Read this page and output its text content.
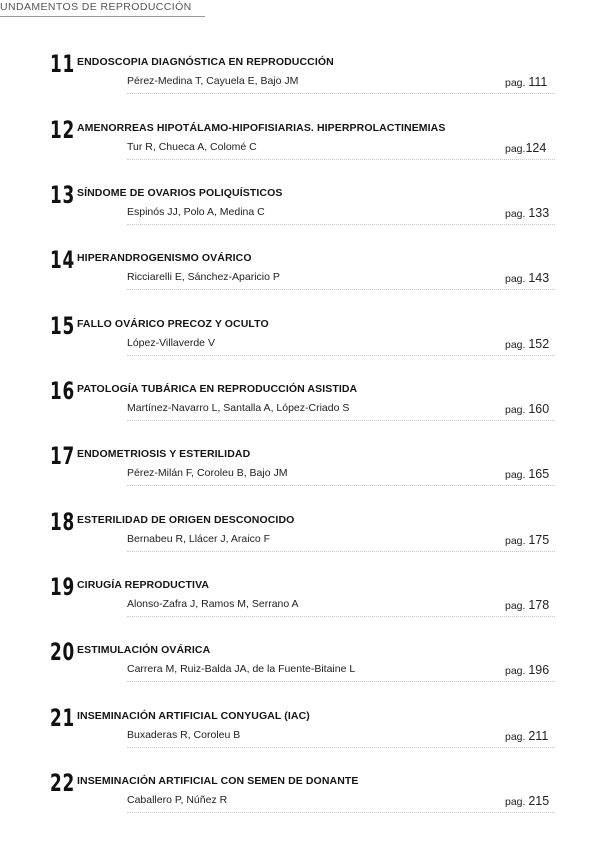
UNDAMENTOS DE REPRODUCCIÓN
11 ENDOSCOPIA DIAGNÓSTICA EN REPRODUCCIÓN
Pérez-Medina T, Cayuela E, Bajo JM	pag. 111
12 AMENORREAS HIPOTÁLAMO-HIPOFISIARIAS. HIPERPROLACTINEMIAS
Tur R, Chueca A, Colomé C	pag.124
13 SÍNDOME DE OVARIOS POLIQUÍSTICOS
Espinós JJ, Polo A, Medina C	pag. 133
14 HIPERANDROGENISMO OVÁRICO
Ricciarelli E, Sánchez-Aparicio P	pag. 143
15 FALLO OVÁRICO PRECOZ Y OCULTO
López-Villaverde V	pag. 152
16 PATOLOGÍA TUBÁRICA EN REPRODUCCIÓN ASISTIDA
Martínez-Navarro L, Santalla A, López-Criado S	pag. 160
17 ENDOMETRIOSIS Y ESTERILIDAD
Pérez-Milán F, Coroleu B, Bajo JM	pag. 165
18 ESTERILIDAD DE ORIGEN DESCONOCIDO
Bernabeu R, Llácer J, Araico F	pag. 175
19 CIRUGÍA REPRODUCTIVA
Alonso-Zafra J, Ramos M, Serrano A	pag. 178
20 ESTIMULACIÓN OVÁRICA
Carrera M, Ruiz-Balda JA, de la Fuente-Bitaine L	pag. 196
21 INSEMINACIÓN ARTIFICIAL CONYUGAL (IAC)
Buxaderas R, Coroleu B	pag. 211
22 INSEMINACIÓN ARTIFICIAL CON SEMEN DE DONANTE
Caballero P, Núñez R	pag. 215
